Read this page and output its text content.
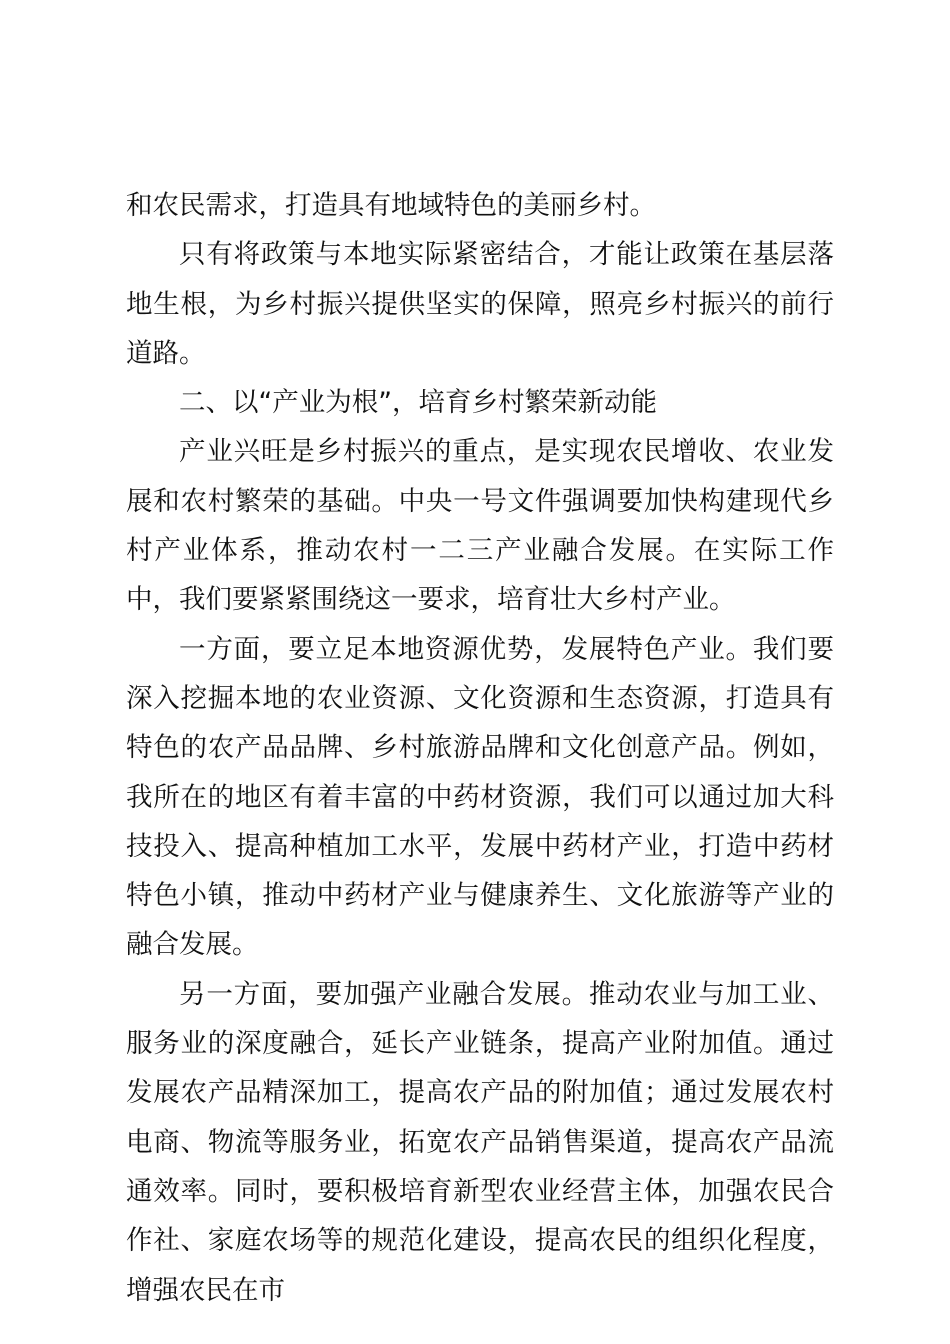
和农民需求，打造具有地域特色的美丽乡村。

只有将政策与本地实际紧密结合，才能让政策在基层落地生根，为乡村振兴提供坚实的保障，照亮乡村振兴的前行道路。

二、以“产业为根”，培育乡村繁荣新动能

产业兴旺是乡村振兴的重点，是实现农民增收、农业发展和农村繁荣的基础。中央一号文件强调要加快构建现代乡村产业体系，推动农村一二三产业融合发展。在实际工作中，我们要紧紧围绕这一要求，培育壮大乡村产业。

一方面，要立足本地资源优势，发展特色产业。我们要深入挖掘本地的农业资源、文化资源和生态资源，打造具有特色的农产品品牌、乡村旅游品牌和文化创意产品。例如，我所在的地区有着丰富的中药材资源，我们可以通过加大科技投入、提高种植加工水平，发展中药材产业，打造中药材特色小镇，推动中药材产业与健康养生、文化旅游等产业的融合发展。

另一方面，要加强产业融合发展。推动农业与加工业、服务业的深度融合，延长产业链条，提高产业附加值。通过发展农产品精深加工，提高农产品的附加值；通过发展农村电商、物流等服务业，拓宽农产品销售渠道，提高农产品流通效率。同时，要积极培育新型农业经营主体，加强农民合作社、家庭农场等的规范化建设，提高农民的组织化程度，增强农民在市
